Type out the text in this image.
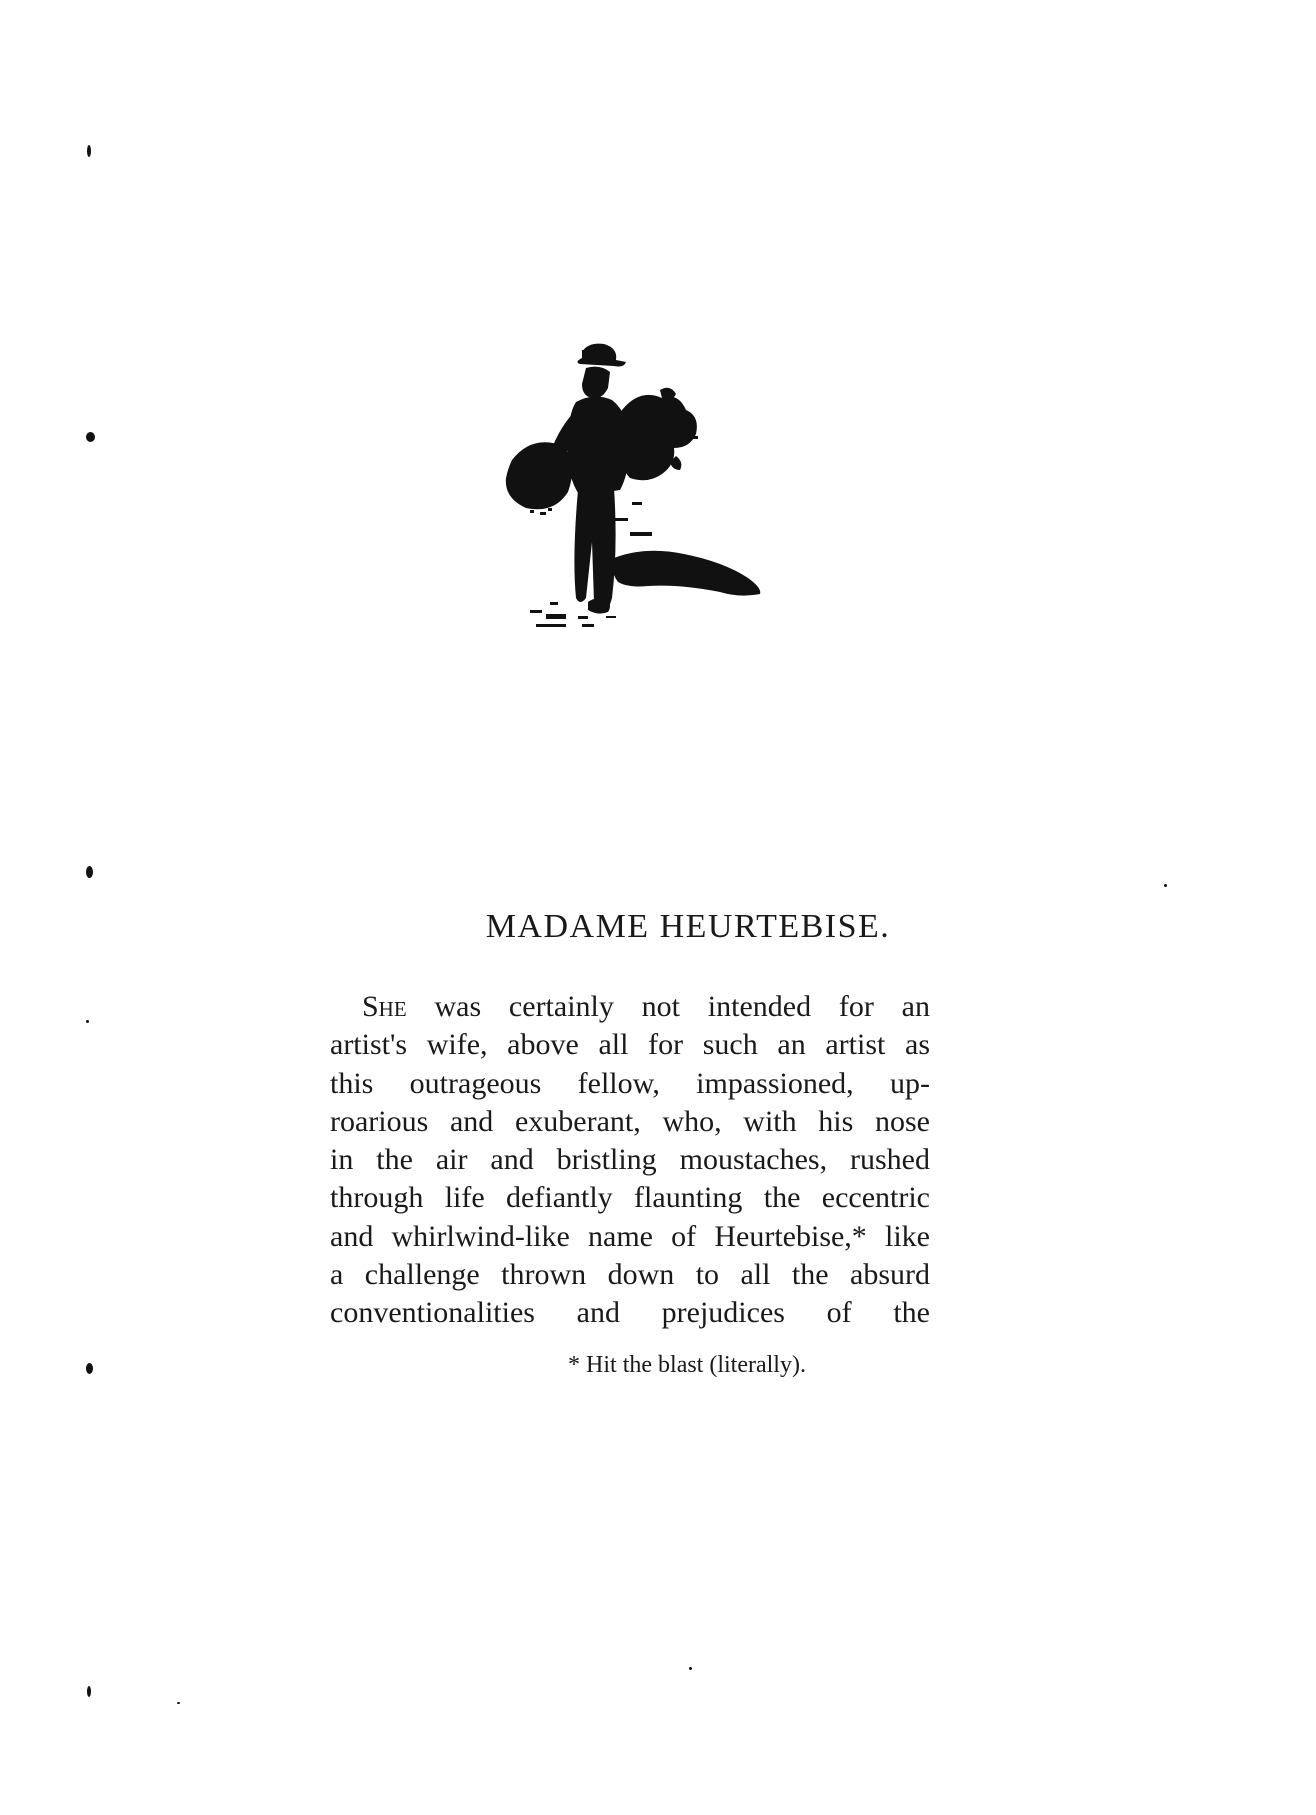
MADAME HEURTEBISE.
She was certainly not intended for an
artist's wife, above all for such an artist as
this outrageous fellow, impassioned, up-
roarious and exuberant, who, with his nose
in the air and bristling moustaches, rushed
through life defiantly flaunting the eccentric
and whirlwind-like name of Heurtebise,* like
a challenge thrown down to all the absurd
conventionalities and prejudices of the
* Hit the blast (literally).
